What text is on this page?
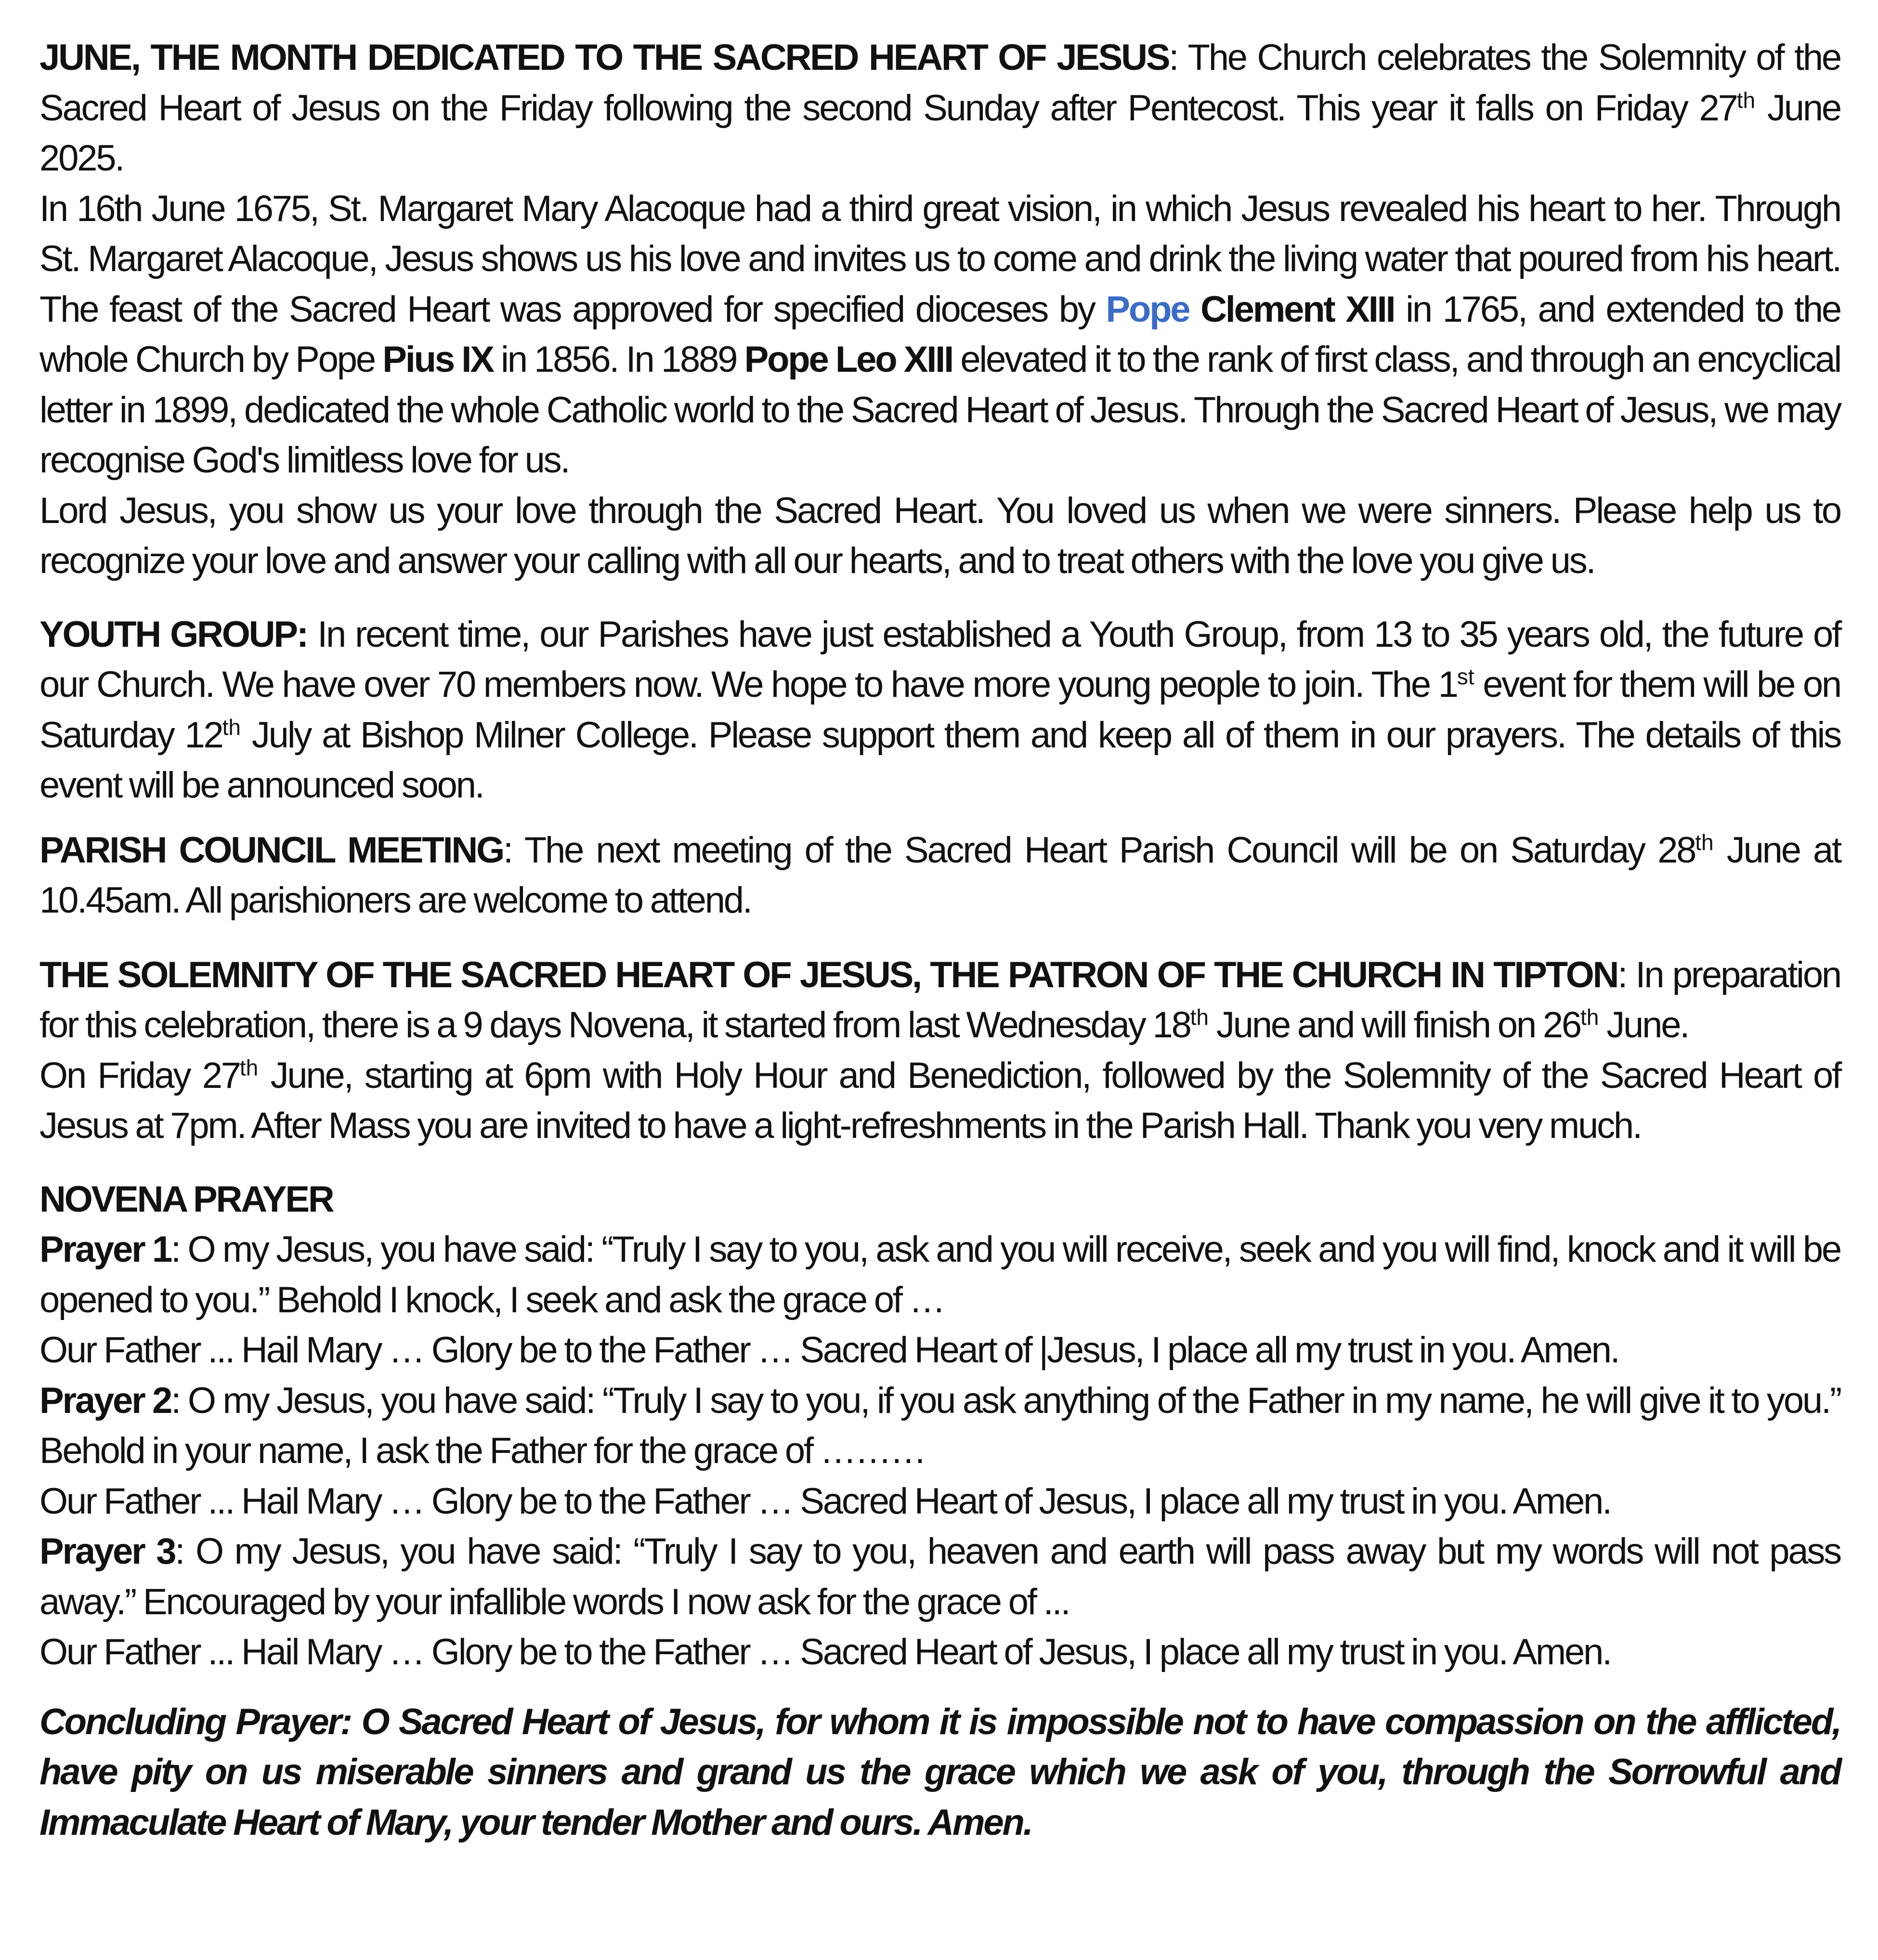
JUNE, THE MONTH DEDICATED TO THE SACRED HEART OF JESUS: The Church celebrates the Solemnity of the Sacred Heart of Jesus on the Friday following the second Sunday after Pentecost. This year it falls on Friday 27th June 2025.

In 16th June 1675, St. Margaret Mary Alacoque had a third great vision, in which Jesus revealed his heart to her. Through St. Margaret Alacoque, Jesus shows us his love and invites us to come and drink the living water that poured from his heart. The feast of the Sacred Heart was approved for specified dioceses by Pope Clement XIII in 1765, and extended to the whole Church by Pope Pius IX in 1856. In 1889 Pope Leo XIII elevated it to the rank of first class, and through an encyclical letter in 1899, dedicated the whole Catholic world to the Sacred Heart of Jesus. Through the Sacred Heart of Jesus, we may recognise God's limitless love for us.

Lord Jesus, you show us your love through the Sacred Heart. You loved us when we were sinners. Please help us to recognize your love and answer your calling with all our hearts, and to treat others with the love you give us.

YOUTH GROUP: In recent time, our Parishes have just established a Youth Group, from 13 to 35 years old, the future of our Church. We have over 70 members now. We hope to have more young people to join. The 1st event for them will be on Saturday 12th July at Bishop Milner College. Please support them and keep all of them in our prayers. The details of this event will be announced soon.

PARISH COUNCIL MEETING: The next meeting of the Sacred Heart Parish Council will be on Saturday 28th June at 10.45am. All parishioners are welcome to attend.

THE SOLEMNITY OF THE SACRED HEART OF JESUS, THE PATRON OF THE CHURCH IN TIPTON: In preparation for this celebration, there is a 9 days Novena, it started from last Wednesday 18th June and will finish on 26th June.

On Friday 27th June, starting at 6pm with Holy Hour and Benediction, followed by the Solemnity of the Sacred Heart of Jesus at 7pm. After Mass you are invited to have a light-refreshments in the Parish Hall. Thank you very much.

NOVENA PRAYER

Prayer 1: O my Jesus, you have said: “Truly I say to you, ask and you will receive, seek and you will find, knock and it will be opened to you.” Behold I knock, I seek and ask the grace of …

Our Father ... Hail Mary … Glory be to the Father … Sacred Heart of |Jesus, I place all my trust in you. Amen.

Prayer 2: O my Jesus, you have said: “Truly I say to you, if you ask anything of the Father in my name, he will give it to you.” Behold in your name, I ask the Father for the grace of ………

Our Father ... Hail Mary … Glory be to the Father … Sacred Heart of Jesus, I place all my trust in you. Amen.

Prayer 3: O my Jesus, you have said: “Truly I say to you, heaven and earth will pass away but my words will not pass away.” Encouraged by your infallible words I now ask for the grace of ...

Our Father ... Hail Mary … Glory be to the Father … Sacred Heart of Jesus, I place all my trust in you. Amen.

Concluding Prayer: O Sacred Heart of Jesus, for whom it is impossible not to have compassion on the afflicted, have pity on us miserable sinners and grand us the grace which we ask of you, through the Sorrowful and Immaculate Heart of Mary, your tender Mother and ours. Amen.
